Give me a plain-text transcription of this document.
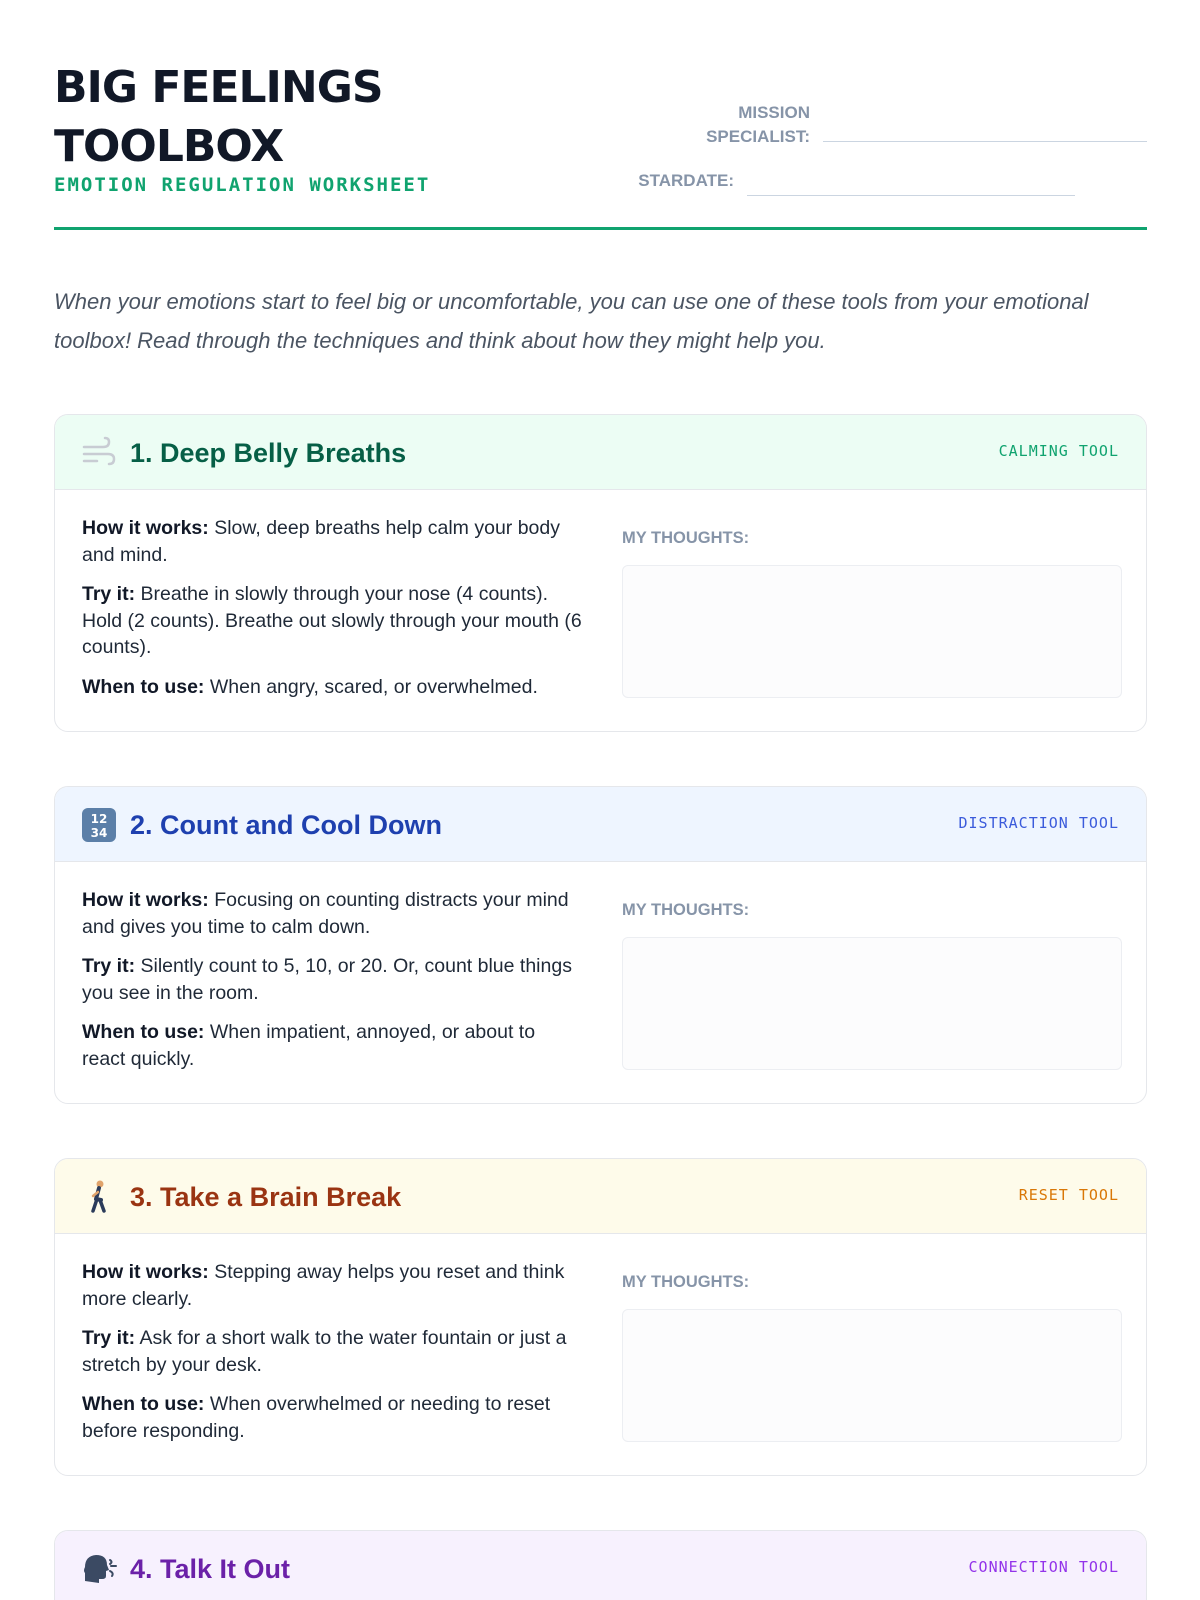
BIG FEELINGS
TOOLBOX
EMOTION REGULATION WORKSHEET
MISSION
SPECIALIST:
STARDATE:

When your emotions start to feel big or uncomfortable, you can use one of these tools from your emotional toolbox! Read through the techniques and think about how they might help you.

1. Deep Belly Breaths	CALMING TOOL

How it works: Slow, deep breaths help calm your body and mind.

Try it: Breathe in slowly through your nose (4 counts). Hold (2 counts). Breathe out slowly through your mouth (6 counts).

When to use: When angry, scared, or overwhelmed.

MY THOUGHTS:
12
34 2. Count and Cool Down	DISTRACTION TOOL

How it works: Focusing on counting distracts your mind and gives you time to calm down.

Try it: Silently count to 5, 10, or 20. Or, count blue things you see in the room.

When to use: When impatient, annoyed, or about to react quickly.

MY THOUGHTS:
3. Take a Brain Break	RESET TOOL

How it works: Stepping away helps you reset and think more clearly.

Try it: Ask for a short walk to the water fountain or just a stretch by your desk.

When to use: When overwhelmed or needing to reset before responding.

MY THOUGHTS:
4. Talk It Out	CONNECTION TOOL
